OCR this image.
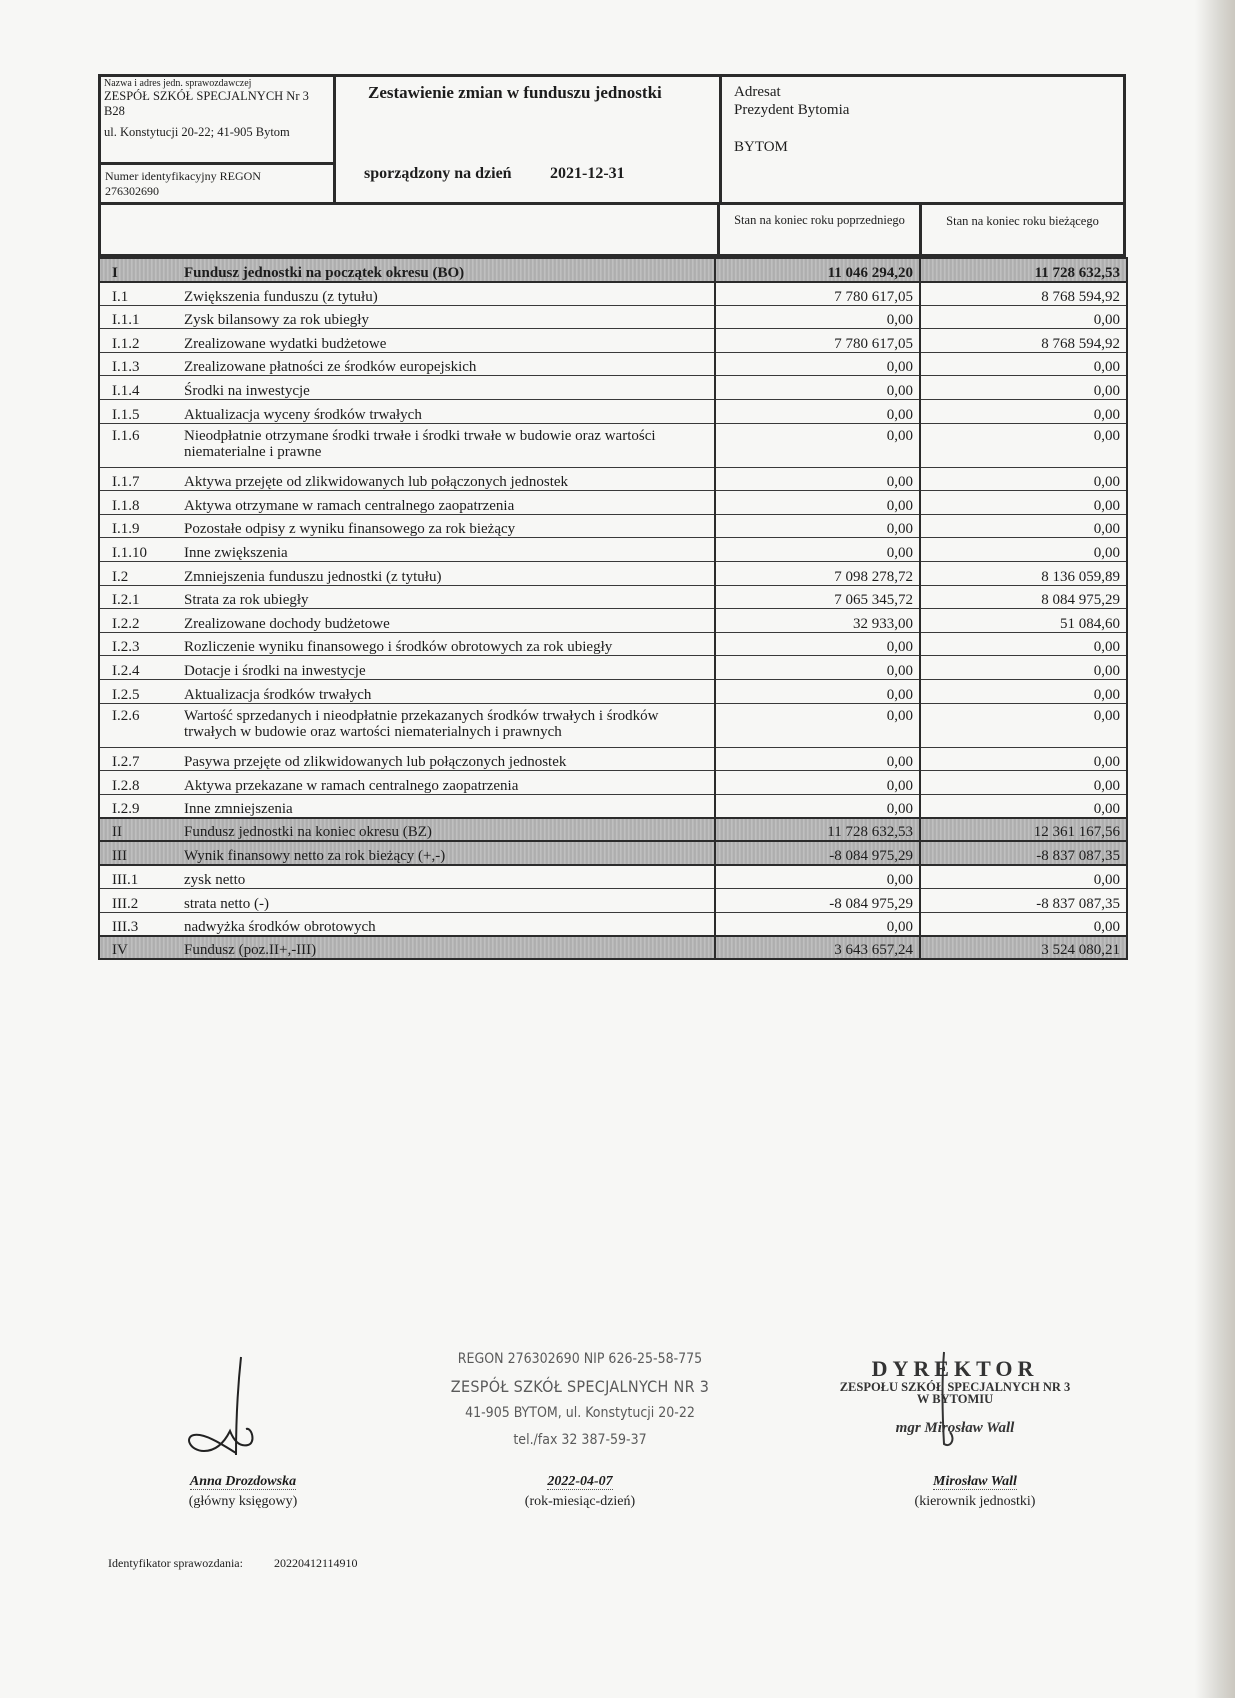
Nazwa i adres jedn. sprawozdawczej
ZESPÓŁ SZKÓŁ SPECJALNYCH Nr 3 B28
ul. Konstytucji 20-22; 41-905 Bytom
Numer identyfikacyjny REGON
276302690
Zestawienie zmian w funduszu jednostki
sporządzony na dzień 2021-12-31
Adresat
Prezydent Bytomia
BYTOM
Stan na koniec roku poprzedniego	Stan na koniec roku bieżącego
I	Fundusz jednostki na początek okresu (BO)	11 046 294,20	11 728 632,53
I.1	Zwiększenia funduszu (z tytułu)	7 780 617,05	8 768 594,92
I.1.1	Zysk bilansowy za rok ubiegły	0,00	0,00
I.1.2	Zrealizowane wydatki budżetowe	7 780 617,05	8 768 594,92
I.1.3	Zrealizowane płatności ze środków europejskich	0,00	0,00
I.1.4	Środki na inwestycje	0,00	0,00
I.1.5	Aktualizacja wyceny środków trwałych	0,00	0,00
I.1.6	Nieodpłatnie otrzymane środki trwałe i środki trwałe w budowie oraz wartości niematerialne i prawne	0,00	0,00
I.1.7	Aktywa przejęte od zlikwidowanych lub połączonych jednostek	0,00	0,00
I.1.8	Aktywa otrzymane w ramach centralnego zaopatrzenia	0,00	0,00
I.1.9	Pozostałe odpisy z wyniku finansowego za rok bieżący	0,00	0,00
I.1.10	Inne zwiększenia	0,00	0,00
I.2	Zmniejszenia funduszu jednostki (z tytułu)	7 098 278,72	8 136 059,89
I.2.1	Strata za rok ubiegły	7 065 345,72	8 084 975,29
I.2.2	Zrealizowane dochody budżetowe	32 933,00	51 084,60
I.2.3	Rozliczenie wyniku finansowego i środków obrotowych za rok ubiegły	0,00	0,00
I.2.4	Dotacje i środki na inwestycje	0,00	0,00
I.2.5	Aktualizacja środków trwałych	0,00	0,00
I.2.6	Wartość sprzedanych i nieodpłatnie przekazanych środków trwałych i środków trwałych w budowie oraz wartości niematerialnych i prawnych	0,00	0,00
I.2.7	Pasywa przejęte od zlikwidowanych lub połączonych jednostek	0,00	0,00
I.2.8	Aktywa przekazane w ramach centralnego zaopatrzenia	0,00	0,00
I.2.9	Inne zmniejszenia	0,00	0,00
II	Fundusz jednostki na koniec okresu (BZ)	11 728 632,53	12 361 167,56
III	Wynik finansowy netto za rok bieżący (+,-)	-8 084 975,29	-8 837 087,35
III.1	zysk netto	0,00	0,00
III.2	strata netto (-)	-8 084 975,29	-8 837 087,35
III.3	nadwyżka środków obrotowych	0,00	0,00
IV	Fundusz (poz.II+,-III)	3 643 657,24	3 524 080,21
Anna Drozdowska
(główny księgowy)
REGON 276302690 NIP 626-25-58-775
ZESPÓŁ SZKÓŁ SPECJALNYCH NR 3
41-905 BYTOM, ul. Konstytucji 20-22
tel./fax 32 387-59-37
2022-04-07
(rok-miesiąc-dzień)
DYREKTOR
ZESPOŁU SZKÓŁ SPECJALNYCH NR 3
W BYTOMIU
mgr Mirosław Wall
Mirosław Wall
(kierownik jednostki)
Identyfikator sprawozdania:	20220412114910
